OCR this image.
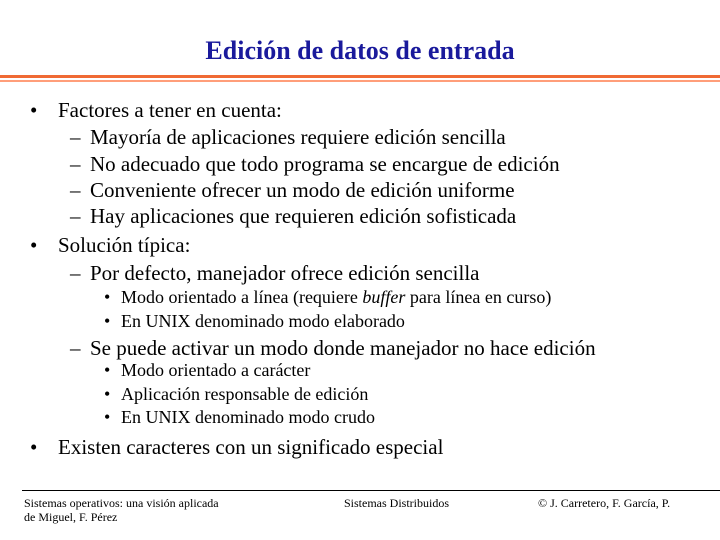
Edición de datos de entrada
• Factores a tener en cuenta:
– Mayoría de aplicaciones requiere edición sencilla
– No adecuado que todo programa se encargue de edición
– Conveniente ofrecer un modo de edición uniforme
– Hay aplicaciones que requieren edición sofisticada
• Solución típica:
– Por defecto, manejador ofrece edición sencilla
• Modo orientado a línea (requiere buffer para línea en curso)
• En UNIX denominado modo elaborado
– Se puede activar un modo donde manejador no hace edición
• Modo orientado a carácter
• Aplicación responsable de edición
• En UNIX denominado modo crudo
• Existen caracteres con un significado especial
Sistemas operativos: una visión aplicada
de Miguel, F. Pérez
Sistemas Distribuidos	© J. Carretero, F. García, P.
